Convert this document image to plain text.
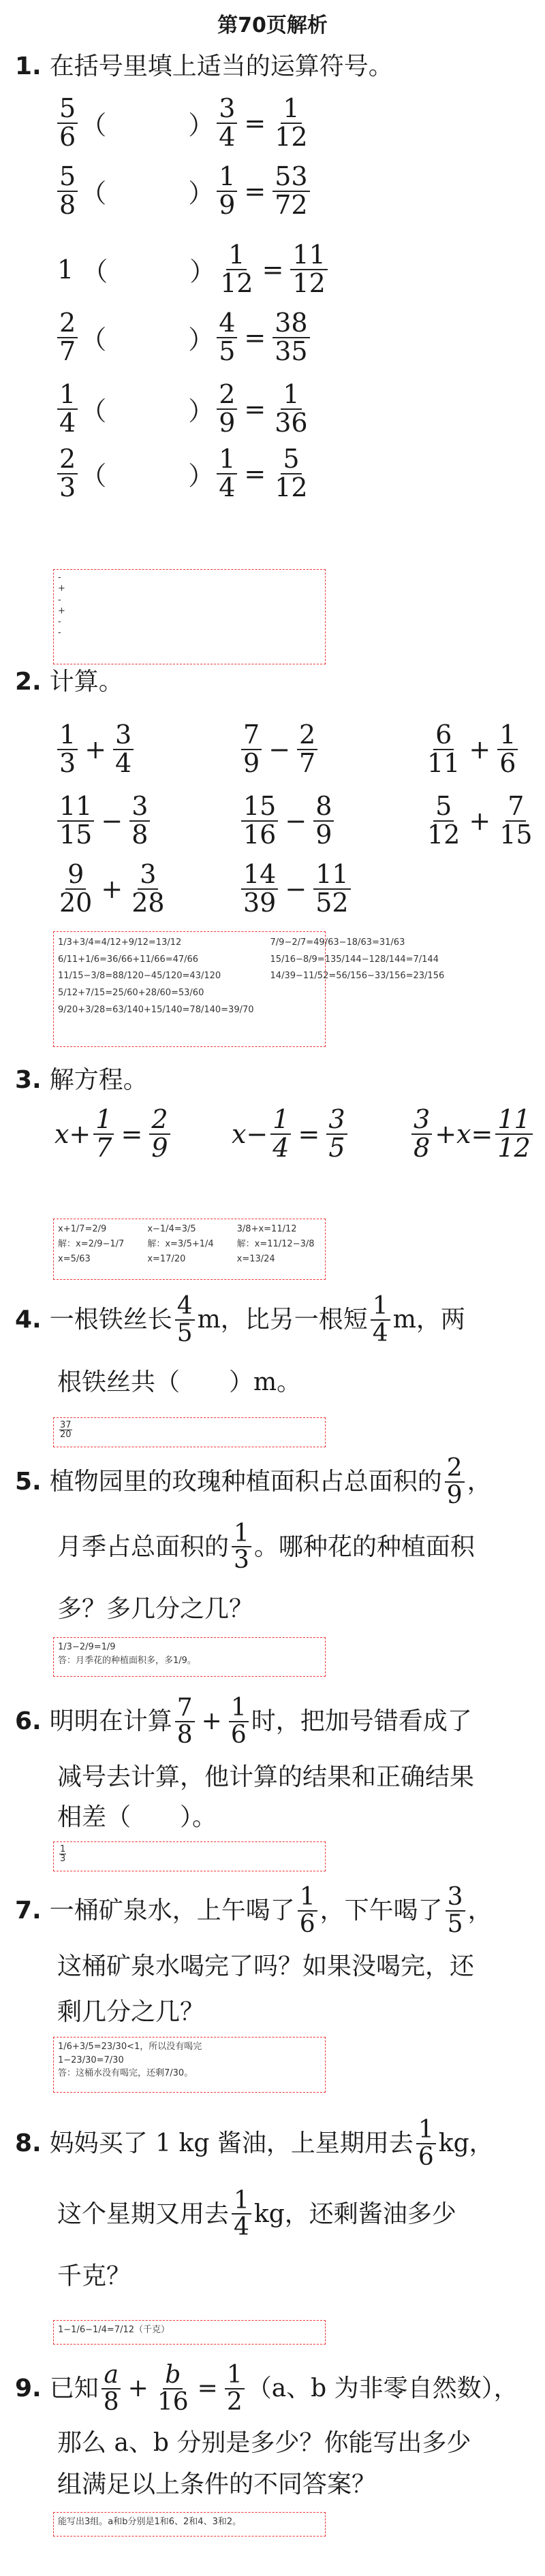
第70页解析
1. 在括号里填上适当的运算符号。
$\frac{5}{6}$ （	） $\frac{3}{4} = \frac{1}{12}$
$\frac{5}{8}$ （	） $\frac{1}{9} = \frac{53}{72}$
1 （	） $\frac{1}{12} = \frac{11}{12}$
$\frac{2}{7}$ （	） $\frac{4}{5} = \frac{38}{35}$
$\frac{1}{4}$ （	） $\frac{2}{9} = \frac{1}{36}$
$\frac{2}{3}$ （	） $\frac{1}{4} = \frac{5}{12}$
-
+
-
+
-
-
2. 计算。
$\frac{1}{3} + \frac{3}{4}$	$\frac{7}{9} - \frac{2}{7}$	$\frac{6}{11} + \frac{1}{6}$
$\frac{11}{15} - \frac{3}{8}$	$\frac{15}{16} - \frac{8}{9}$	$\frac{5}{12} + \frac{7}{15}$
$\frac{9}{20} + \frac{3}{28}$	$\frac{14}{39} - \frac{11}{52}$
1/3+3/4=4/12+9/12=13/12
6/11+1/6=36/66+11/66=47/66
11/15−3/8=88/120−45/120=43/120
5/12+7/15=25/60+28/60=53/60
9/20+3/28=63/140+15/140=78/140=39/70
7/9−2/7=49/63−18/63=31/63
15/16−8/9=135/144−128/144=7/144
14/39−11/52=56/156−33/156=23/156
3. 解方程。
$x+ \frac{1}{7} = \frac{2}{9} x- \frac{1}{4} = \frac{3}{5} \frac{3}{8} +x= \frac{11}{12}$
x+1/7=2/9
解：x=2/9−1/7
x=5/63
x−1/4=3/5
解：x=3/5+1/4
x=17/20
3/8+x=11/12
解：x=11/12−3/8
x=13/24
4. 一根铁丝长 $\frac{4}{5}$ m，比另一根短 $\frac{1}{4}$ m，两
根铁丝共（　　）m。
$\frac{37}{20}$
5. 植物园里的玫瑰种植面积占总面积的 $\frac{2}{9}$ ，
月季占总面积的 $\frac{1}{3}$ 。哪种花的种植面积
多？多几分之几？
1/3−2/9=1/9
答：月季花的种植面积多，多1/9。
6. 明明在计算 $\frac{7}{8} + \frac{1}{6}$ 时，把加号错看成了
减号去计算，他计算的结果和正确结果
相差（　　）。
$\frac{1}{3}$
7. 一桶矿泉水，上午喝了 $\frac{1}{6}$ ，下午喝了 $\frac{3}{5}$ ，
这桶矿泉水喝完了吗？如果没喝完，还
剩几分之几？
1/6+3/5=23/30<1，所以没有喝完
1−23/30=7/30
答：这桶水没有喝完，还剩7/30。
8. 妈妈买了 1 kg 酱油，上星期用去 $\frac{1}{6}$ kg，
这个星期又用去 $\frac{1}{4}$ kg，还剩酱油多少
千克？
1−1/6−1/4=7/12（千克）
9. 已知 $\frac{a}{8} + \frac{b}{16} = \frac{1}{2} (a$、b 为非零自然数），
那么 a、b 分别是多少？你能写出多少
组满足以上条件的不同答案？
能写出3组。a和b分别是1和6、2和4、3和2。
